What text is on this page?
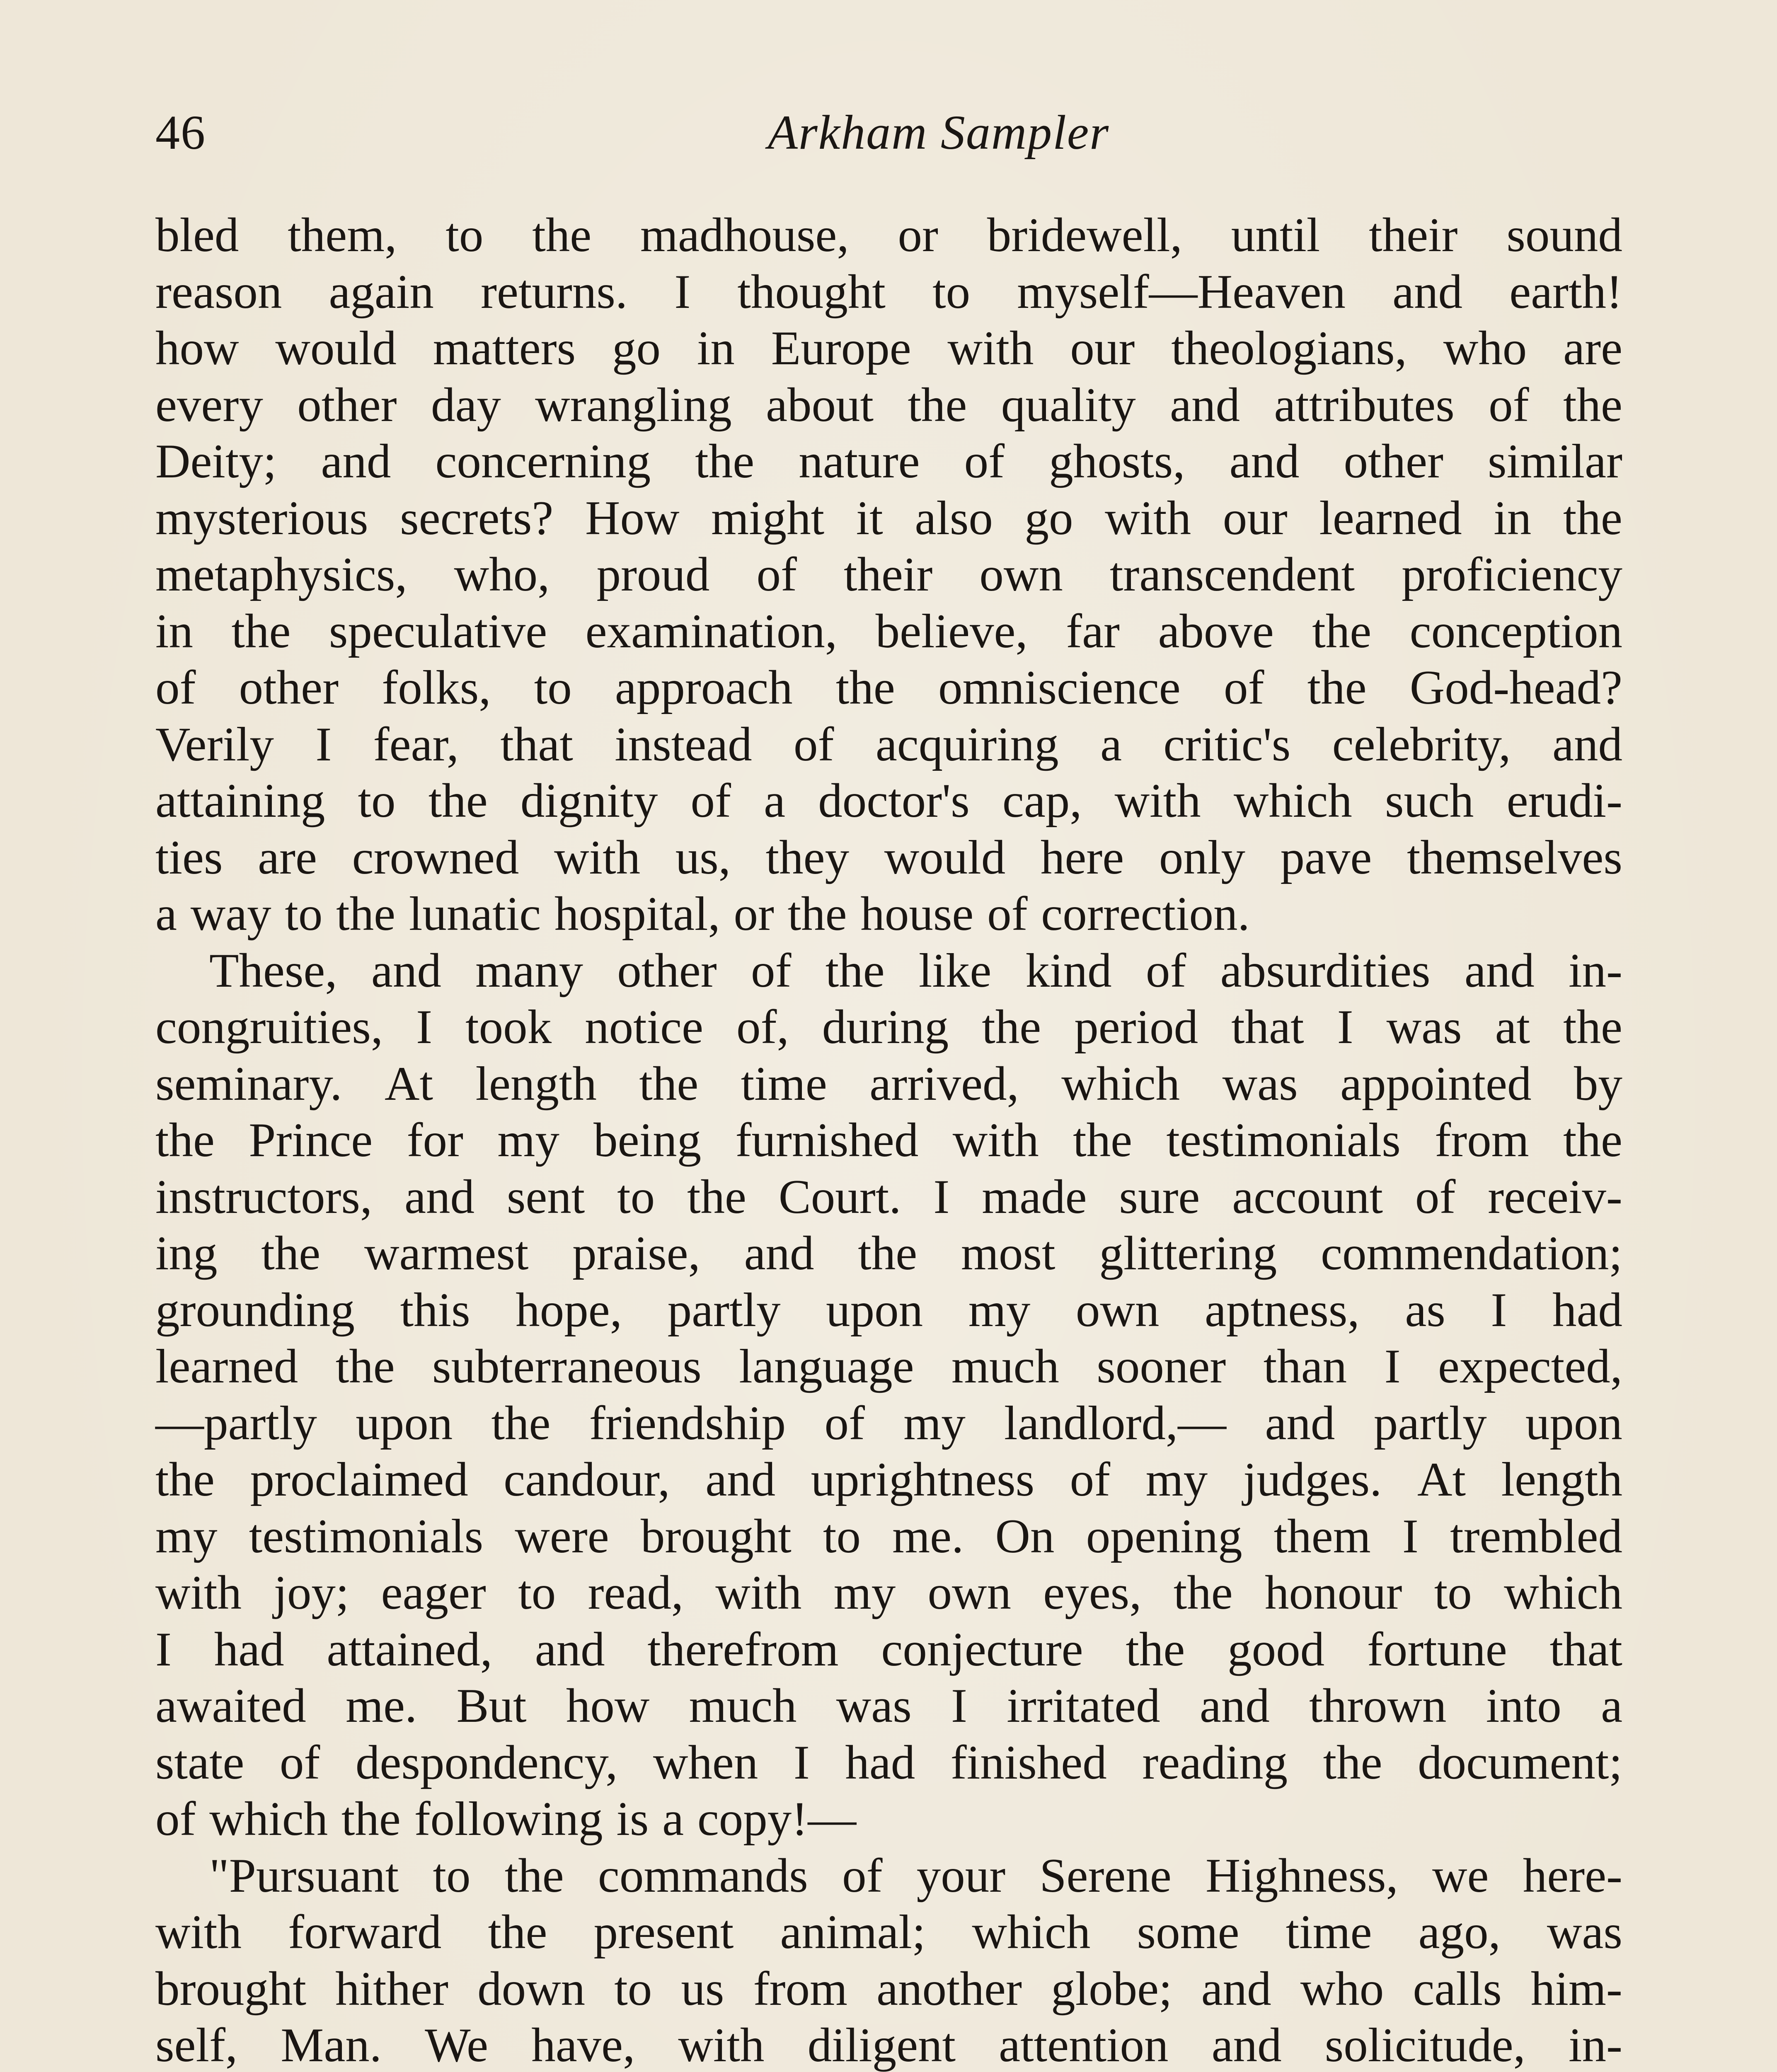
46	Arkham Sampler
bled them, to the madhouse, or bridewell, until their sound
reason again returns. I thought to myself—Heaven and earth!
how would matters go in Europe with our theologians, who are
every other day wrangling about the quality and attributes of the
Deity; and concerning the nature of ghosts, and other similar
mysterious secrets? How might it also go with our learned in the
metaphysics, who, proud of their own transcendent proficiency
in the speculative examination, believe, far above the conception
of other folks, to approach the omniscience of the God-head?
Verily I fear, that instead of acquiring a critic's celebrity, and
attaining to the dignity of a doctor's cap, with which such erudi-
ties are crowned with us, they would here only pave themselves
a way to the lunatic hospital, or the house of correction.
These, and many other of the like kind of absurdities and in-
congruities, I took notice of, during the period that I was at the
seminary. At length the time arrived, which was appointed by
the Prince for my being furnished with the testimonials from the
instructors, and sent to the Court. I made sure account of receiv-
ing the warmest praise, and the most glittering commendation;
grounding this hope, partly upon my own aptness, as I had
learned the subterraneous language much sooner than I expected,
—partly upon the friendship of my landlord,— and partly upon
the proclaimed candour, and uprightness of my judges. At length
my testimonials were brought to me. On opening them I trembled
with joy; eager to read, with my own eyes, the honour to which
I had attained, and therefrom conjecture the good fortune that
awaited me. But how much was I irritated and thrown into a
state of despondency, when I had finished reading the document;
of which the following is a copy!—
"Pursuant to the commands of your Serene Highness, we here-
with forward the present animal; which some time ago, was
brought hither down to us from another globe; and who calls him-
self, Man. We have, with diligent attention and solicitude, in-
